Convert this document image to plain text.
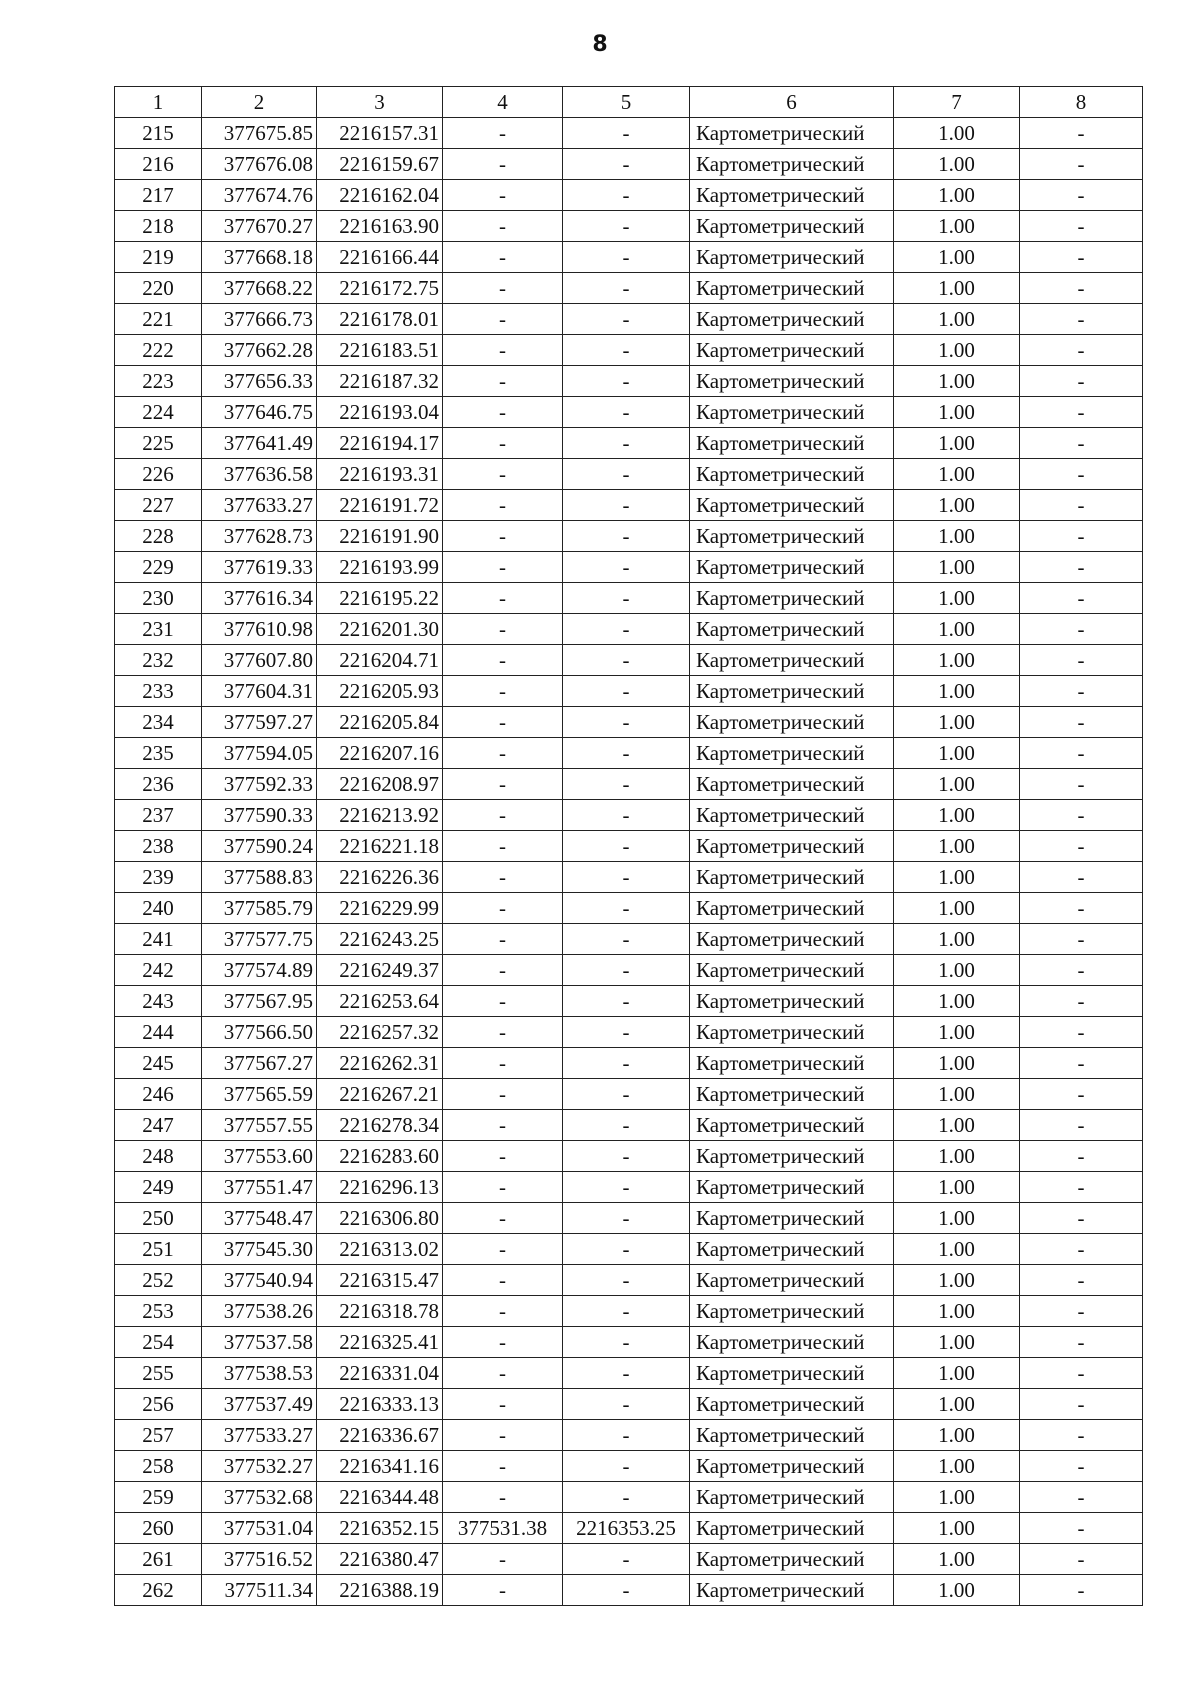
8
1	2	3	4	5	6	7	8
215	377675.85	2216157.31	-	-	Картометрический	1.00	-
216	377676.08	2216159.67	-	-	Картометрический	1.00	-
217	377674.76	2216162.04	-	-	Картометрический	1.00	-
218	377670.27	2216163.90	-	-	Картометрический	1.00	-
219	377668.18	2216166.44	-	-	Картометрический	1.00	-
220	377668.22	2216172.75	-	-	Картометрический	1.00	-
221	377666.73	2216178.01	-	-	Картометрический	1.00	-
222	377662.28	2216183.51	-	-	Картометрический	1.00	-
223	377656.33	2216187.32	-	-	Картометрический	1.00	-
224	377646.75	2216193.04	-	-	Картометрический	1.00	-
225	377641.49	2216194.17	-	-	Картометрический	1.00	-
226	377636.58	2216193.31	-	-	Картометрический	1.00	-
227	377633.27	2216191.72	-	-	Картометрический	1.00	-
228	377628.73	2216191.90	-	-	Картометрический	1.00	-
229	377619.33	2216193.99	-	-	Картометрический	1.00	-
230	377616.34	2216195.22	-	-	Картометрический	1.00	-
231	377610.98	2216201.30	-	-	Картометрический	1.00	-
232	377607.80	2216204.71	-	-	Картометрический	1.00	-
233	377604.31	2216205.93	-	-	Картометрический	1.00	-
234	377597.27	2216205.84	-	-	Картометрический	1.00	-
235	377594.05	2216207.16	-	-	Картометрический	1.00	-
236	377592.33	2216208.97	-	-	Картометрический	1.00	-
237	377590.33	2216213.92	-	-	Картометрический	1.00	-
238	377590.24	2216221.18	-	-	Картометрический	1.00	-
239	377588.83	2216226.36	-	-	Картометрический	1.00	-
240	377585.79	2216229.99	-	-	Картометрический	1.00	-
241	377577.75	2216243.25	-	-	Картометрический	1.00	-
242	377574.89	2216249.37	-	-	Картометрический	1.00	-
243	377567.95	2216253.64	-	-	Картометрический	1.00	-
244	377566.50	2216257.32	-	-	Картометрический	1.00	-
245	377567.27	2216262.31	-	-	Картометрический	1.00	-
246	377565.59	2216267.21	-	-	Картометрический	1.00	-
247	377557.55	2216278.34	-	-	Картометрический	1.00	-
248	377553.60	2216283.60	-	-	Картометрический	1.00	-
249	377551.47	2216296.13	-	-	Картометрический	1.00	-
250	377548.47	2216306.80	-	-	Картометрический	1.00	-
251	377545.30	2216313.02	-	-	Картометрический	1.00	-
252	377540.94	2216315.47	-	-	Картометрический	1.00	-
253	377538.26	2216318.78	-	-	Картометрический	1.00	-
254	377537.58	2216325.41	-	-	Картометрический	1.00	-
255	377538.53	2216331.04	-	-	Картометрический	1.00	-
256	377537.49	2216333.13	-	-	Картометрический	1.00	-
257	377533.27	2216336.67	-	-	Картометрический	1.00	-
258	377532.27	2216341.16	-	-	Картометрический	1.00	-
259	377532.68	2216344.48	-	-	Картометрический	1.00	-
260	377531.04	2216352.15	377531.38	2216353.25	Картометрический	1.00	-
261	377516.52	2216380.47	-	-	Картометрический	1.00	-
262	377511.34	2216388.19	-	-	Картометрический	1.00	-
